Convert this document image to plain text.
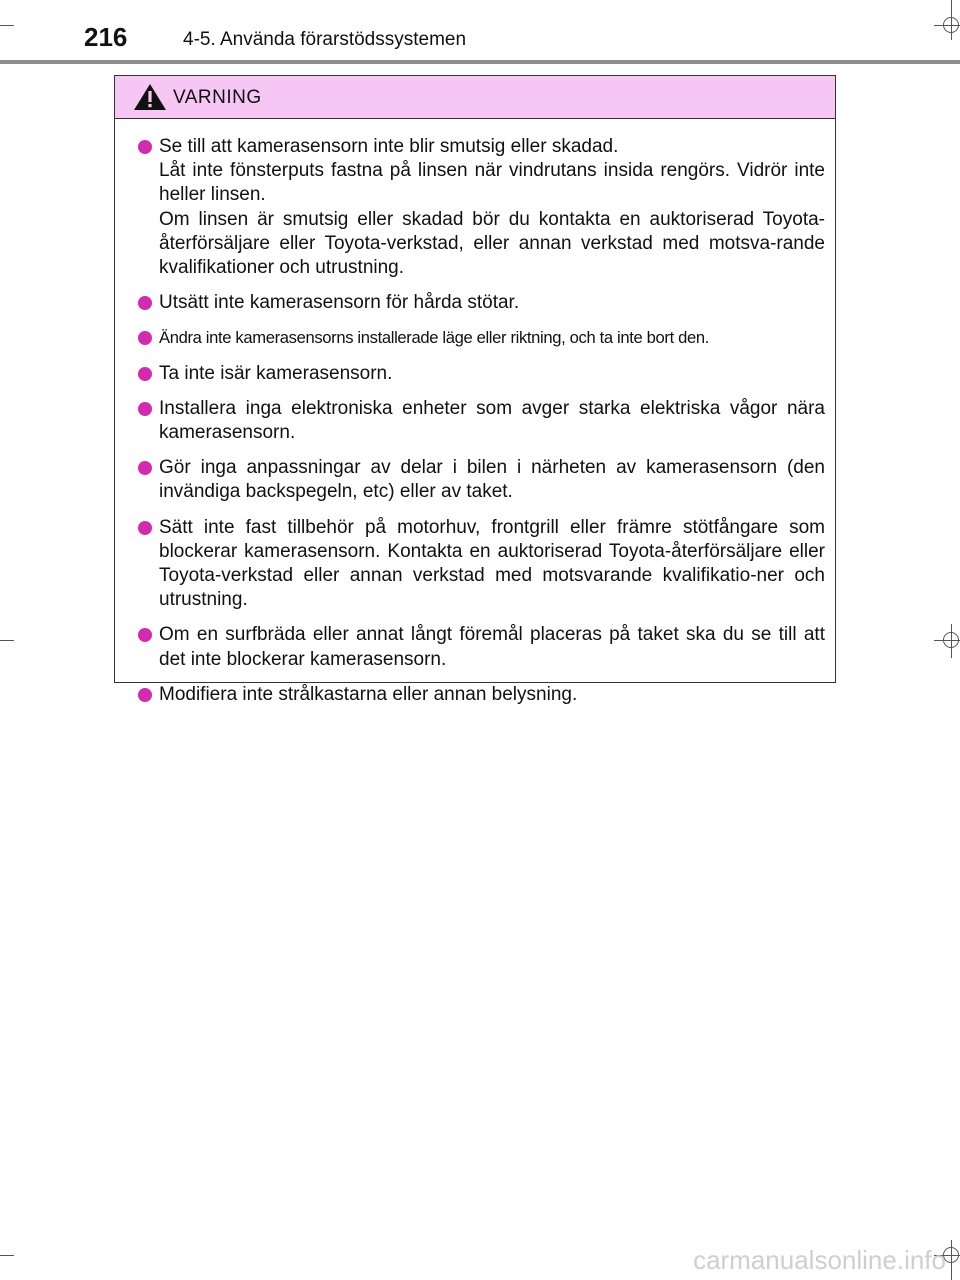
216	4-5. Använda förarstödssystemen
VARNING
Se till att kamerasensorn inte blir smutsig eller skadad.
Låt inte fönsterputs fastna på linsen när vindrutans insida rengörs. Vidrör inte heller linsen.
Om linsen är smutsig eller skadad bör du kontakta en auktoriserad Toyota-återförsäljare eller Toyota-verkstad, eller annan verkstad med motsva-rande kvalifikationer och utrustning.
Utsätt inte kamerasensorn för hårda stötar.
Ändra inte kamerasensorns installerade läge eller riktning, och ta inte bort den.
Ta inte isär kamerasensorn.
Installera inga elektroniska enheter som avger starka elektriska vågor nära kamerasensorn.
Gör inga anpassningar av delar i bilen i närheten av kamerasensorn (den invändiga backspegeln, etc) eller av taket.
Sätt inte fast tillbehör på motorhuv, frontgrill eller främre stötfångare som blockerar kamerasensorn. Kontakta en auktoriserad Toyota-återförsäljare eller Toyota-verkstad eller annan verkstad med motsvarande kvalifikatio-ner och utrustning.
Om en surfbräda eller annat långt föremål placeras på taket ska du se till att det inte blockerar kamerasensorn.
Modifiera inte strålkastarna eller annan belysning.
carmanualsonline.info
